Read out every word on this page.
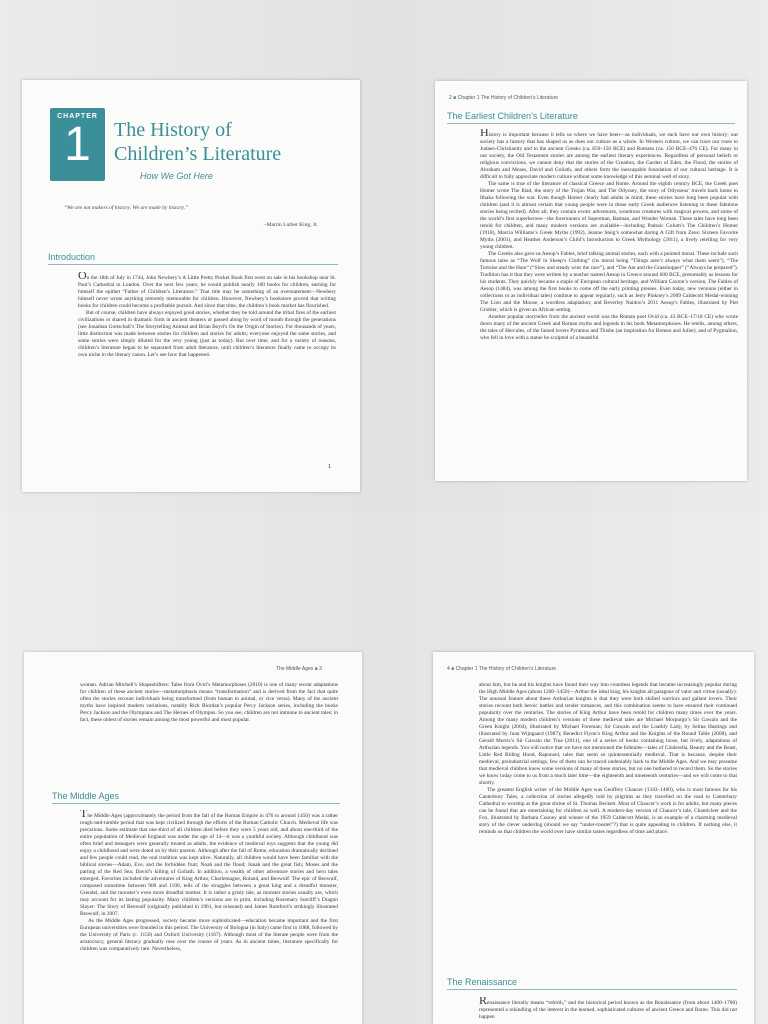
CHAPTER
1	The History of
Children’s Literature
How We Got Here
“We are not makers of history. We are made by history.”
–Martin Luther King, Jr.
Introduction

On the 18th of July in 1744, John Newbery’s A Little Pretty Pocket Book first went on sale in his bookshop near St. Paul’s Cathedral in London. Over the next few years, he would publish nearly 100 books for children, earning for himself the epithet “Father of Children’s Literature.” That title may be something of an overstatement—Newbery himself never wrote anything remotely memorable for children. However, Newbery’s bookstore proved that writing books for children could become a profitable pursuit. And since that time, the children’s book market has flourished.

But of course, children have always enjoyed good stories, whether they be told around the tribal fires of the earliest civilizations or shared in dramatic form in ancient theaters or passed along by word of mouth through the generations (see Jonathan Gottschall’s The Storytelling Animal and Brian Boyd’s On the Origin of Stories). For thousands of years, little distinction was made between stories for children and stories for adults; everyone enjoyed the same stories, and some stories were simply diluted for the very young (just as today). But over time, and for a variety of reasons, children’s literature began to be separated from adult literature, until children’s literature finally came to occupy its own niche in the literary canon. Let’s see how that happened.

1
2 ■ Chapter 1 The History of Children’s Literature
The Earliest Children’s Literature

History is important because it tells us where we have been—as individuals, we each have our own history; our society has a history that has shaped us as does our culture as a whole. In Western culture, we can trace our roots to Judaeo-Christianity and to the ancient Greeks (ca. 850–150 BCE) and Romans (ca. 150 BCE–476 CE). For many in our society, the Old Testament stories are among the earliest literary experiences. Regardless of personal beliefs or religious convictions, we cannot deny that the stories of the Creation, the Garden of Eden, the Flood, the stories of Abraham and Moses, David and Goliath, and others form the inescapable foundation of our cultural heritage. It is difficult to fully appreciate modern culture without some knowledge of this seminal well of story.

The same is true of the literature of classical Greece and Rome. Around the eighth century BCE, the Greek poet Homer wrote The Iliad, the story of the Trojan War, and The Odyssey, the story of Odysseus’ travels back home to Ithaka following the war. Even though Homer clearly had adults in mind, these stories have long been popular with children (and it is almost certain that young people were in those early Greek audiences listening to these fabulous stories being recited). After all, they contain exotic adventures, wondrous creatures with magical powers, and some of the world’s first superheroes—the forerunners of Superman, Batman, and Wonder Woman. These tales have long been retold for children, and many modern versions are available—including Padraic Colum’s The Children’s Homer (1918), Marcia Williams’s Greek Myths (1992), Jeanne Steig’s somewhat daring A Gift from Zeus: Sixteen Favorite Myths (2001), and Heather Anderson’s Child’s Introduction to Greek Mythology (2011), a lively retelling for very young children.

The Greeks also gave us Aesop’s Fables, brief talking animal stories, each with a pointed moral. These include such famous tales as “The Wolf in Sheep’s Clothing” (its moral being “Things aren’t always what them seem”), “The Tortoise and the Hare” (“Slow and steady wins the race”), and “The Ant and the Grasshopper” (“Always be prepared”). Tradition has it that they were written by a teacher named Aesop in Greece around 600 BCE, presumably as lessons for his students. They quickly became a staple of European cultural heritage, and William Caxton’s version, The Fables of Aesop (1484), was among the first books to come off the early printing presses. Even today, new versions (either in collections or as individual tales) continue to appear regularly, such as Jerry Pinkney’s 2009 Caldecott Medal-winning The Lion and the Mouse, a wordless adaptation; and Beverley Naidoo’s 2011 Aesop’s Fables, illustrated by Piet Grobler, which is given an African setting.

Another popular storyteller from the ancient world was the Roman poet Ovid (ca. 43 BCE–17/18 CE) who wrote down many of the ancient Greek and Roman myths and legends in his book Metamorphoses. He retells, among others, the tales of Hercules, of the famed lovers Pyramus and Thisbe (an inspiration for Romeo and Juliet), and of Pygmalion, who fell in love with a statue he sculpted of a beautiful

The Middle Ages ■ 3

woman. Adrian Mitchell’s Shapeshifters: Tales from Ovid’s Metamorphoses (2010) is one of many recent adaptations for children of these ancient stories—metamorphosis means “transformation” and is derived from the fact that quite often the stories recount individuals being transformed (from human to animal, or vice versa). Many of the ancient myths have inspired modern variations, notably Rick Riordan’s popular Percy Jackson series, including the books Percy Jackson and the Olympians and The Heroes of Olympus. So you see, children are not immune to ancient tales; in fact, these oldest of stories remain among the most powerful and most popular.

The Middle Ages

The Middle Ages (approximately the period from the fall of the Roman Empire in 476 to around 1450) was a rather rough-and-tumble period that was kept civilized through the efforts of the Roman Catholic Church. Medieval life was precarious. Some estimate that one-third of all children died before they were 5 years old, and about one-third of the entire population of Medieval England was under the age of 14—it was a youthful society. Although childhood was often brief and teenagers were generally treated as adults, the evidence of medieval toys suggests that the young did enjoy a childhood and were doted on by their parents. Although after the fall of Rome, education dramatically declined and few people could read, the oral tradition was kept alive. Naturally, all children would have been familiar with the biblical stories—Adam, Eve, and the forbidden fruit; Noah and the flood; Jonah and the great fish; Moses and the parting of the Red Sea; David’s killing of Goliath. In addition, a wealth of other adventure stories and hero tales emerged. Favorites included the adventures of King Arthur, Charlemagne, Roland, and Beowulf. The epic of Beowulf, composed sometime between 900 and 1100, tells of the struggles between a great king and a dreadful monster, Grendel, and the monster’s even more dreadful mother. It is rather a grisly tale, as monster stories usually are, which may account for its lasting popularity. Many children’s versions are in print, including Rosemary Sutcliff’s Dragon Slayer: The Story of Beowulf (originally published in 1961, but reissued) and James Rumford’s strikingly illustrated Beowulf, in 2007.

As the Middle Ages progressed, society became more sophisticated—education became important and the first European universities were founded in this period. The University of Bologna (in Italy) came first in 1088, followed by the University of Paris (c. 1150) and Oxford University (1167). Although most of the literate people were from the aristocracy, general literacy gradually rose over the course of years. As in ancient times, literature specifically for children was comparatively rare. Nevertheless,

4 ■ Chapter 1 The History of Children’s Literature

about him, but he and his knights have found their way into countless legends that became increasingly popular during the High Middle Ages (about 1200–1450)—Arthur the ideal king, his knights all paragons of valor and virtue (usually). The unusual feature about these Arthurian knights is that they were both skilled warriors and gallant lovers. Their stories recount both heroic battles and tender romances, and this combination seems to have ensured their continued popularity over the centuries. The stories of King Arthur have been retold for children many times over the years. Among the many modern children’s versions of these medieval tales are Michael Morpurgo’s Sir Gawain and the Green Knight (2004), illustrated by Michael Foreman; Sir Gawain and the Loathly Lady, by Selina Hastings and illustrated by Juan Wijngaard (1987); Benedict Flynn’s King Arthur and the Knights of the Round Table (2008), and Gerald Morris’s Sir Gawain the True (2011), one of a series of books containing loose, but lively, adaptations of Arthurian legends. You will notice that we have not mentioned the folktales—tales of Cinderella, Beauty and the Beast, Little Red Riding Hood, Rapunzel, tales that seem so quintessentially medieval. That is because, despite their medieval, preindustrial settings, few of them can be traced undeniably back to the Middle Ages. And we may presume that medieval children knew some versions of many of these stories, but no one bothered to record them. So the stories we know today come to us from a much later time—the eighteenth and nineteenth centuries—and we will come to that shortly.

The greatest English writer of the Middle Ages was Geoffrey Chaucer (1343–1400), who is most famous for his Canterbury Tales, a collection of stories allegedly told by pilgrims as they travelled on the road to Canterbury Cathedral to worship at the great shrine of St. Thomas Beckett. Most of Chaucer’s work is for adults, but many pieces can be found that are entertaining for children as well. A modern-day version of Chaucer’s tale, Chanticleer and the Fox, illustrated by Barbara Cooney and winner of the 1959 Caldecott Medal, is an example of a charming medieval story of the clever underdog (should we say “under-rooster”?) that is quite appealing to children. If nothing else, it reminds us that children the world over have similar tastes regardless of time and place.

The Renaissance

Renaissance literally means “rebirth,” and the historical period known as the Renaissance (from about 1400–1700) represented a rekindling of the interest in the learned, sophisticated cultures of ancient Greece and Rome. This did not happen
